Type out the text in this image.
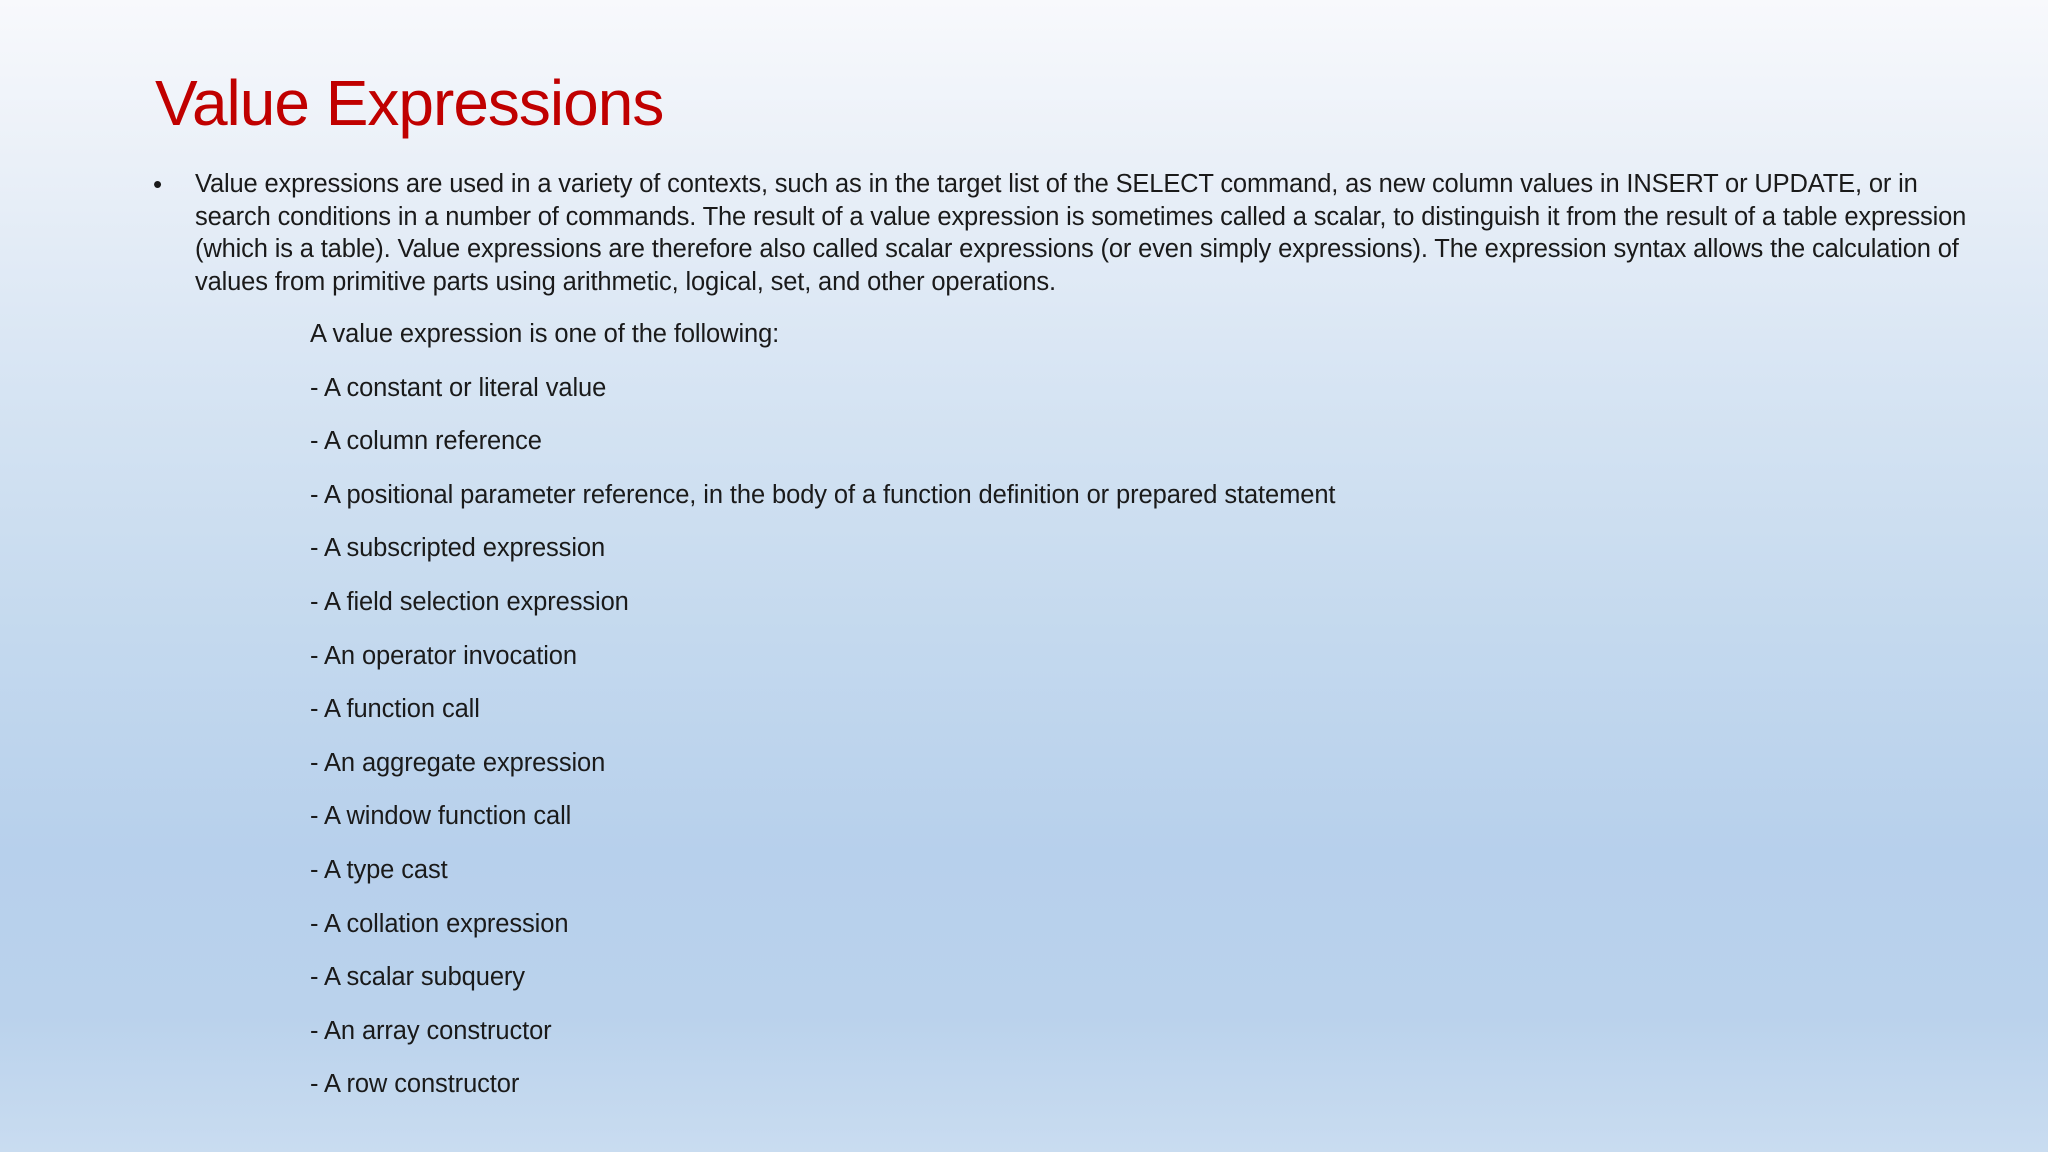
Value Expressions
• Value expressions are used in a variety of contexts, such as in the target list of the SELECT command, as new column values in INSERT or UPDATE, or in search conditions in a number of commands. The result of a value expression is sometimes called a scalar, to distinguish it from the result of a table expression (which is a table). Value expressions are therefore also called scalar expressions (or even simply expressions). The expression syntax allows the calculation of values from primitive parts using arithmetic, logical, set, and other operations.

A value expression is one of the following:
- A constant or literal value
- A column reference
- A positional parameter reference, in the body of a function definition or prepared statement
- A subscripted expression
- A field selection expression
- An operator invocation
- A function call
- An aggregate expression
- A window function call
- A type cast
- A collation expression
- A scalar subquery
- An array constructor
- A row constructor
